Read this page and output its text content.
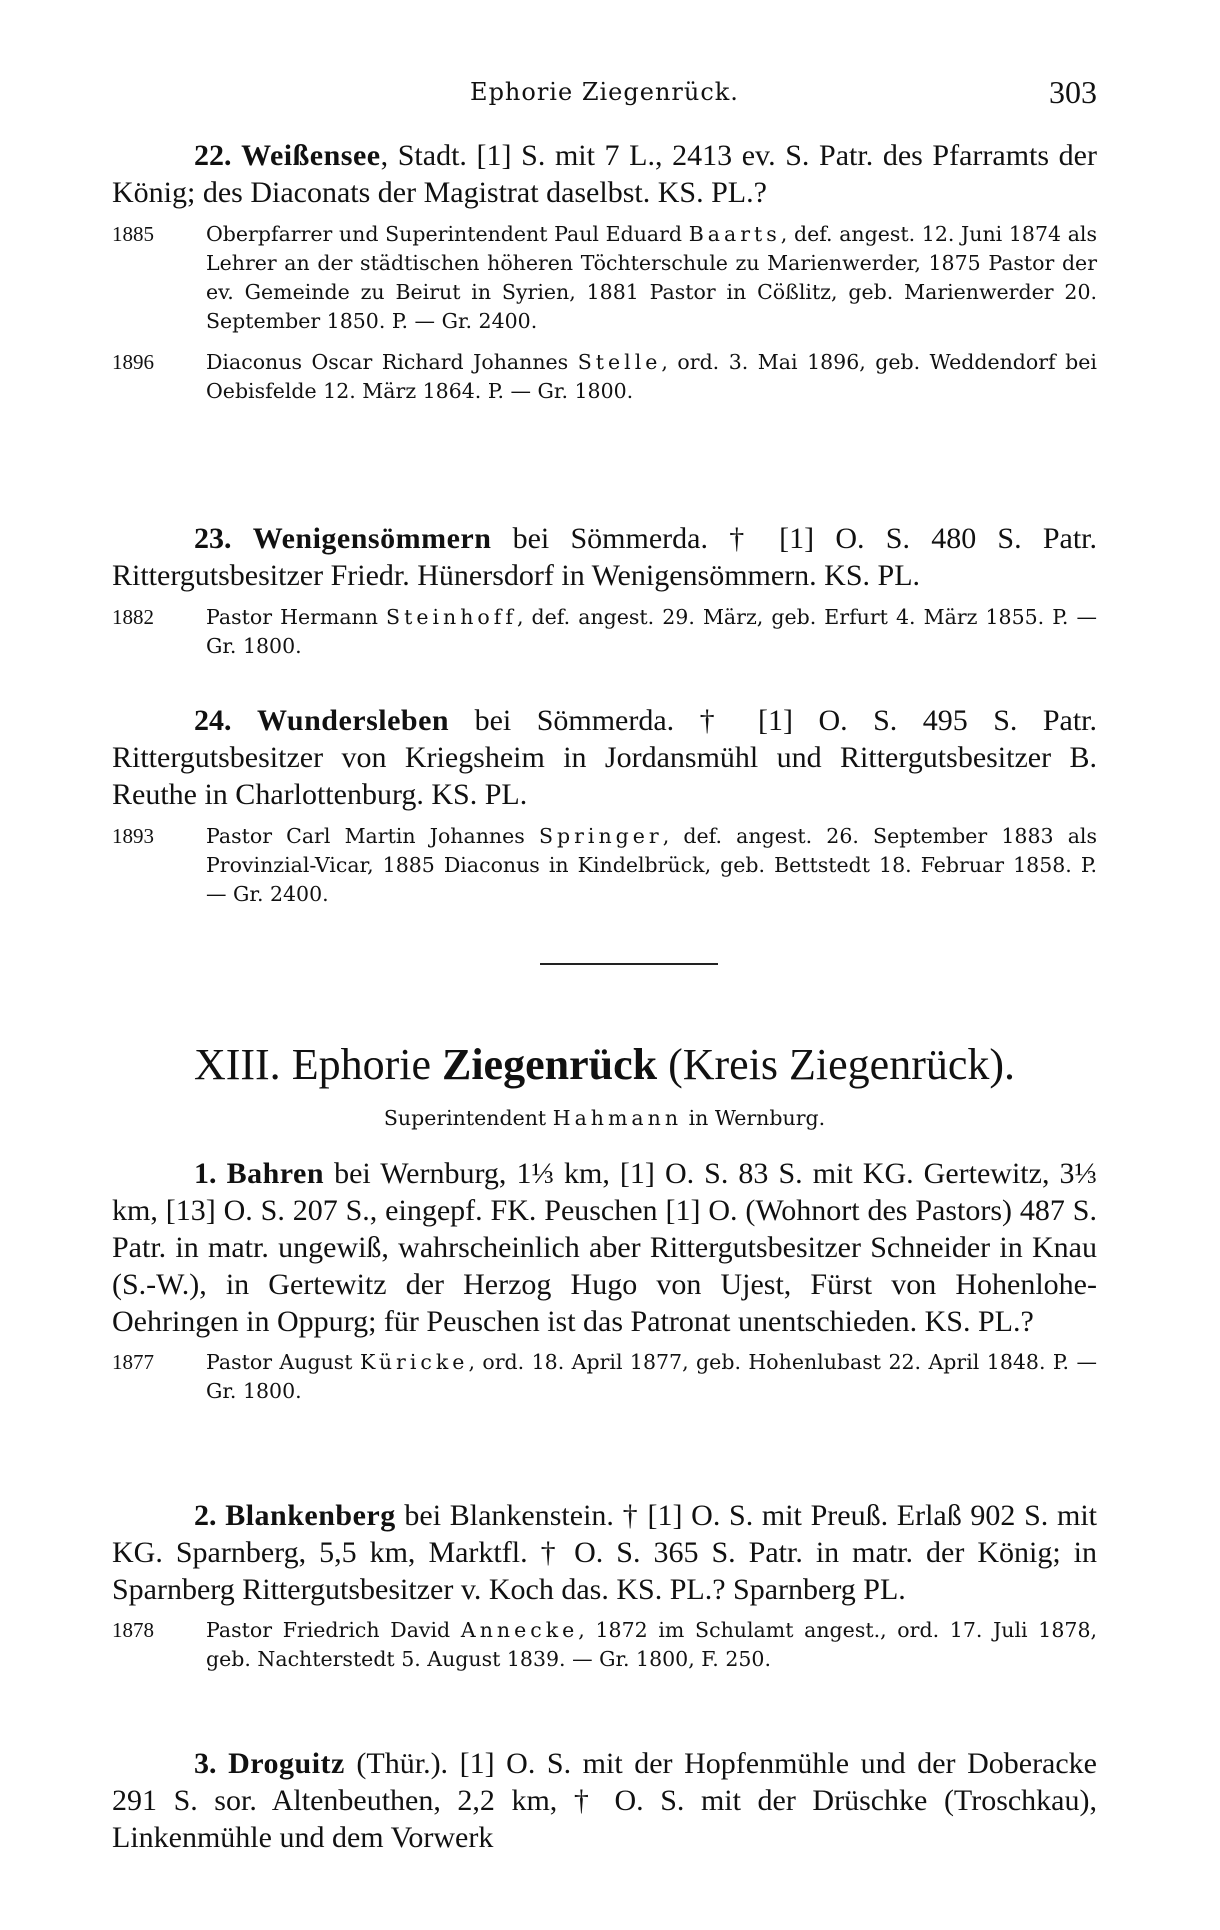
Ephorie Ziegenrück.	303

22. Weißensee, Stadt. [1] S. mit 7 L., 2413 ev. S. Patr. des Pfarramts der König; des Diaconats der Magistrat daselbst. KS. PL.?

1885	Oberpfarrer und Superintendent Paul Eduard Baarts, def. angest. 12. Juni 1874 als Lehrer an der städtischen höheren Töchterschule zu Marienwerder, 1875 Pastor der ev. Gemeinde zu Beirut in Syrien, 1881 Pastor in Cößlitz, geb. Marienwerder 20. September 1850. P. — Gr. 2400.

1896	Diaconus Oscar Richard Johannes Stelle, ord. 3. Mai 1896, geb. Weddendorf bei Oebisfelde 12. März 1864. P. — Gr. 1800.

23. Wenigensömmern bei Sömmerda. † [1] O. S. 480 S. Patr. Rittergutsbesitzer Friedr. Hünersdorf in Wenigensömmern. KS. PL.

1882	Pastor Hermann Steinhoff, def. angest. 29. März, geb. Erfurt 4. März 1855. P. — Gr. 1800.

24. Wundersleben bei Sömmerda. † [1] O. S. 495 S. Patr. Rittergutsbesitzer von Kriegsheim in Jordansmühl und Rittergutsbesitzer B. Reuthe in Charlottenburg. KS. PL.

1893	Pastor Carl Martin Johannes Springer, def. angest. 26. September 1883 als Provinzial-Vicar, 1885 Diaconus in Kindelbrück, geb. Bettstedt 18. Februar 1858. P. — Gr. 2400.

XIII. Ephorie Ziegenrück (Kreis Ziegenrück).
Superintendent Hahmann in Wernburg.

1. Bahren bei Wernburg, 1⅓ km, [1] O. S. 83 S. mit KG. Gertewitz, 3⅓ km, [13] O. S. 207 S., eingepf. FK. Peuschen [1] O. (Wohnort des Pastors) 487 S. Patr. in matr. ungewiß, wahrscheinlich aber Rittergutsbesitzer Schneider in Knau (S.-W.), in Gertewitz der Herzog Hugo von Ujest, Fürst von Hohenlohe-Oehringen in Oppurg; für Peuschen ist das Patronat unentschieden. KS. PL.?

1877	Pastor August Küricke, ord. 18. April 1877, geb. Hohenlubast 22. April 1848. P. — Gr. 1800.

2. Blankenberg bei Blankenstein. † [1] O. S. mit Preuß. Erlaß 902 S. mit KG. Sparnberg, 5,5 km, Marktfl. † O. S. 365 S. Patr. in matr. der König; in Sparnberg Rittergutsbesitzer v. Koch das. KS. PL.? Sparnberg PL.

1878	Pastor Friedrich David Annecke, 1872 im Schulamt angest., ord. 17. Juli 1878, geb. Nachterstedt 5. August 1839. — Gr. 1800, F. 250.

3. Droguitz (Thür.). [1] O. S. mit der Hopfenmühle und der Doberacke 291 S. sor. Altenbeuthen, 2,2 km, † O. S. mit der Drüschke (Troschkau), Linkenmühle und dem Vorwerk
